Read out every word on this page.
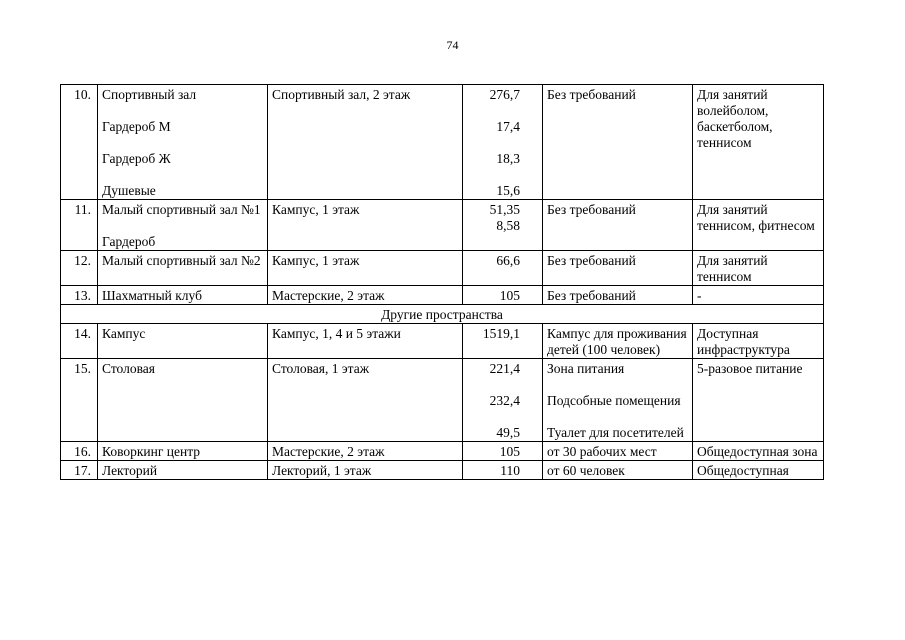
74
10.	Спортивный зал
Гардероб М
Гардероб Ж
Душевые	Спортивный зал, 2 этаж	276,7
17,4
18,3
15,6	Без требований	Для занятий волейболом, баскетболом, теннисом
11.	Малый спортивный зал №1
Гардероб	Кампус, 1 этаж	51,35
8,58	Без требований	Для занятий теннисом, фитнесом
12.	Малый спортивный зал №2	Кампус, 1 этаж	66,6	Без требований	Для занятий теннисом
13.	Шахматный клуб	Мастерские, 2 этаж	105	Без требований	-
Другие пространства					
14.	Кампус	Кампус, 1, 4 и 5 этажи	1519,1	Кампус для проживания детей (100 человек)	Доступная инфраструктура
15.	Столовая	Столовая, 1 этаж	221,4
232,4
49,5	Зона питания
Подсобные помещения
Туалет для посетителей	5-разовое питание
16.	Коворкинг центр	Мастерские, 2 этаж	105	от 30 рабочих мест	Общедоступная зона
17.	Лекторий	Лекторий, 1 этаж	110	от 60 человек	Общедоступная
